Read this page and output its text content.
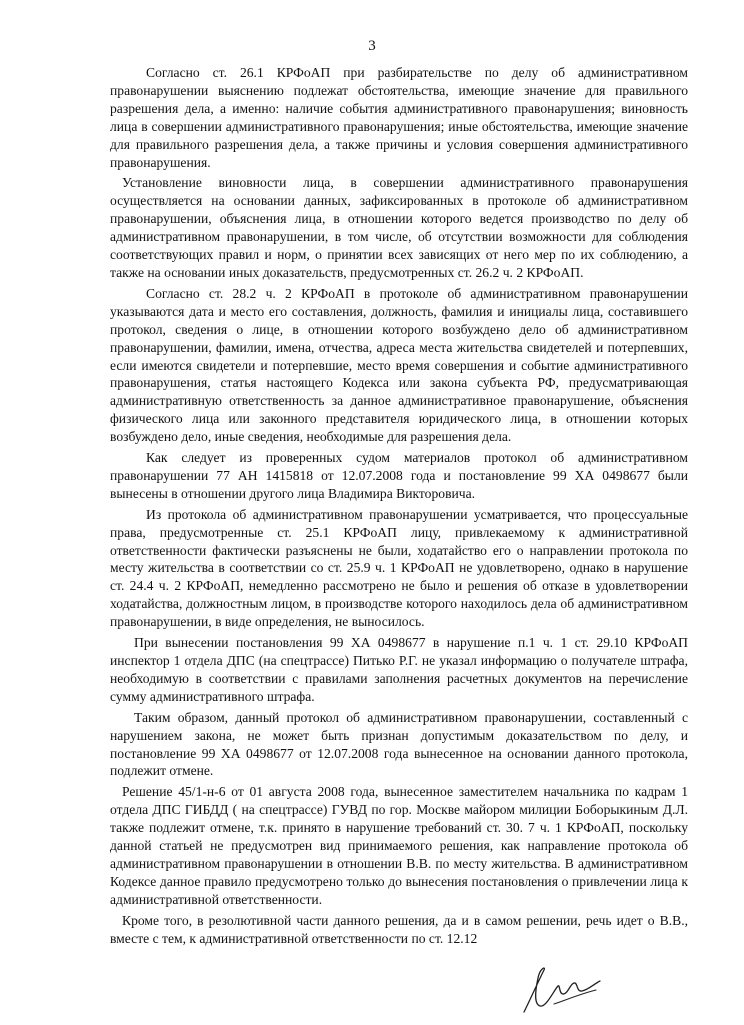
3

Согласно ст. 26.1 КРФоАП при разбирательстве по делу об административном правонарушении выяснению подлежат обстоятельства, имеющие значение для правильного разрешения дела, а именно: наличие события административного правонарушения; виновность лица в совершении административного правонарушения; иные обстоятельства, имеющие значение для правильного разрешения дела, а также причины и условия совершения административного правонарушения.

Установление виновности лица, в совершении административного правонарушения осуществляется на основании данных, зафиксированных в протоколе об административном правонарушении, объяснения лица, в отношении которого ведется производство по делу об административном правонарушении, в том числе, об отсутствии возможности для соблюдения соответствующих правил и норм, о принятии всех зависящих от него мер по их соблюдению, а также на основании иных доказательств, предусмотренных ст. 26.2 ч. 2 КРФоАП.

Согласно ст. 28.2 ч. 2 КРФоАП в протоколе об административном правонарушении указываются дата и место его составления, должность, фамилия и инициалы лица, составившего протокол, сведения о лице, в отношении которого возбуждено дело об административном правонарушении, фамилии, имена, отчества, адреса места жительства свидетелей и потерпевших, если имеются свидетели и потерпевшие, место время совершения и событие административного правонарушения, статья настоящего Кодекса или закона субъекта РФ, предусматривающая административную ответственность за данное административное правонарушение, объяснения физического лица или законного представителя юридического лица, в отношении которых возбуждено дело, иные сведения, необходимые для разрешения дела.

Как следует из проверенных судом материалов протокол об административном правонарушении 77 АН 1415818 от 12.07.2008 года и постановление 99 ХА 0498677 были вынесены в отношении другого лица Владимира Викторовича.

Из протокола об административном правонарушении усматривается, что процессуальные права, предусмотренные ст. 25.1 КРФоАП лицу, привлекаемому к административной ответственности фактически разъяснены не были, ходатайство его о направлении протокола по месту жительства в соответствии со ст. 25.9 ч. 1 КРФоАП не удовлетворено, однако в нарушение ст. 24.4 ч. 2 КРФоАП, немедленно рассмотрено не было и решения об отказе в удовлетворении ходатайства, должностным лицом, в производстве которого находилось дела об административном правонарушении, в виде определения, не выносилось.

При вынесении постановления 99 ХА 0498677 в нарушение п.1 ч. 1 ст. 29.10 КРФоАП инспектор 1 отдела ДПС (на спецтрассе) Питько Р.Г. не указал информацию о получателе штрафа, необходимую в соответствии с правилами заполнения расчетных документов на перечисление сумму административного штрафа.

Таким образом, данный протокол об административном правонарушении, составленный с нарушением закона, не может быть признан допустимым доказательством по делу, и постановление 99 ХА 0498677 от 12.07.2008 года вынесенное на основании данного протокола, подлежит отмене.

Решение 45/1-н-6 от 01 августа 2008 года, вынесенное заместителем начальника по кадрам 1 отдела ДПС ГИБДД ( на спецтрассе) ГУВД по гор. Москве майором милиции Боборыкиным Д.Л. также подлежит отмене, т.к. принято в нарушение требований ст. 30. 7 ч. 1 КРФоАП, поскольку данной статьей не предусмотрен вид принимаемого решения, как направление протокола об административном правонарушении в отношении В.В. по месту жительства. В административном Кодексе данное правило предусмотрено только до вынесения постановления о привлечении лица к административной ответственности.

Кроме того, в резолютивной части данного решения, да и в самом решении, речь идет о В.В., вместе с тем, к административной ответственности по ст. 12.12
